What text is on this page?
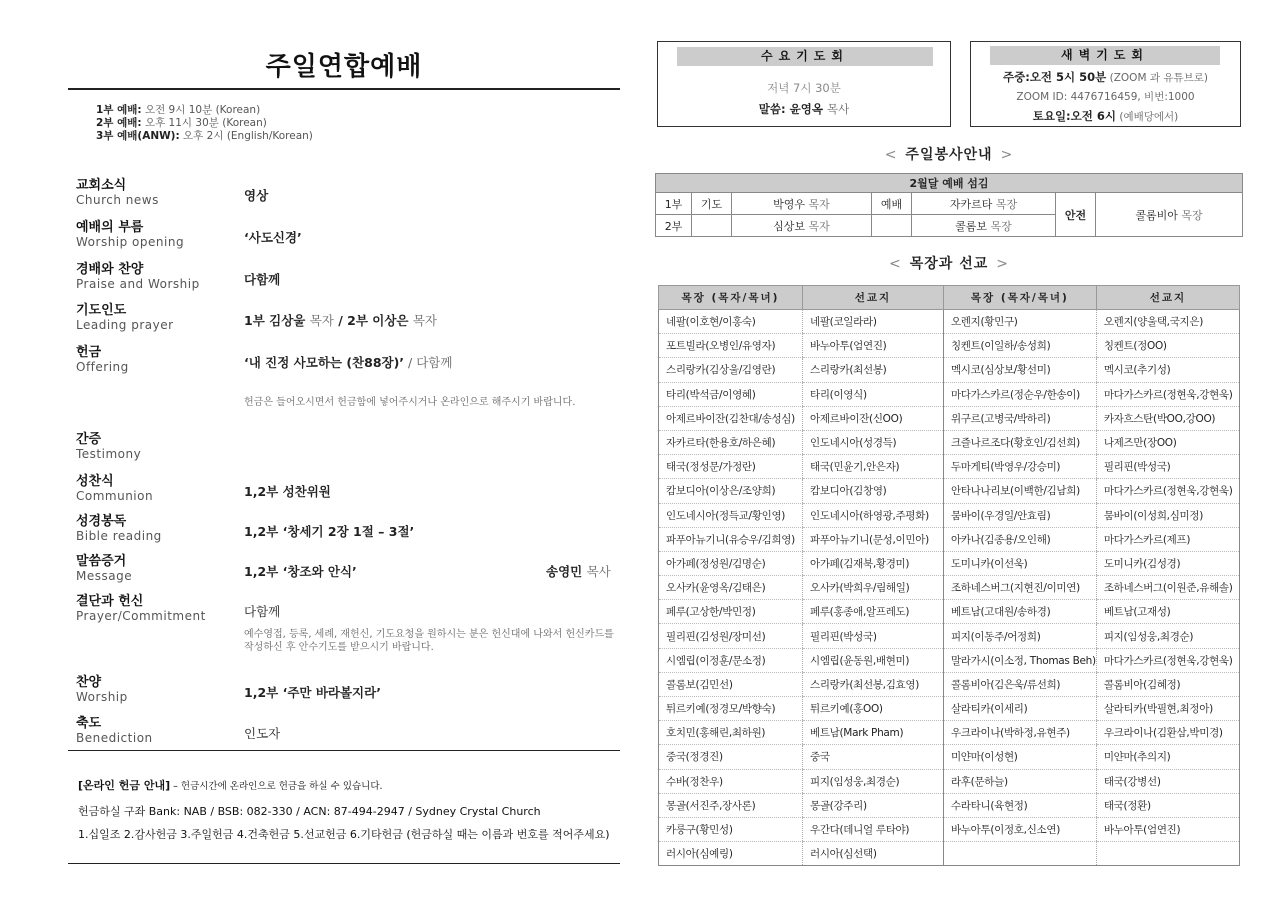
주일연합예배
1부 예배: 오전 9시 10분 (Korean)
2부 예배: 오후 11시 30분 (Korean)
3부 예배(ANW): 오후 2시 (English/Korean)
교회소식
Church news	영상
예배의 부름
Worship opening	‘사도신경’
경배와 찬양
Praise and Worship	다함께
기도인도
Leading prayer	1부 김상울 목자 / 2부 이상은 목자
헌금
Offering	‘내 진정 사모하는 (찬88장)’ / 다함께
헌금은 들어오시면서 헌금함에 넣어주시거나 온라인으로 해주시기 바랍니다.
간증
Testimony
성찬식
Communion	1,2부 성찬위원
성경봉독
Bible reading	1,2부 ‘창세기 2장 1절 – 3절’
말씀증거
Message	1,2부 ‘창조와 안식’	송영민 목사
결단과 헌신
Prayer/Commitment	다함께
예수영접, 등록, 세례, 재헌신, 기도요청을 원하시는 분은 헌신대에 나와서 헌신카드를 작성하신 후 안수기도를 받으시기 바랍니다.
찬양
Worship	1,2부 ‘주만 바라볼지라’
축도
Benediction	인도자
[온라인 헌금 안내] – 헌금시간에 온라인으로 헌금을 하실 수 있습니다.
헌금하실 구좌 Bank: NAB / BSB: 082-330 / ACN: 87-494-2947 / Sydney Crystal Church
1.십일조 2.감사헌금 3.주일헌금 4.건축헌금 5.선교헌금 6.기타헌금 (헌금하실 때는 이름과 번호를 적어주세요)
수요기도회
저녁 7시 30분
말씀: 윤영옥 목사
새벽기도회
주중:오전 5시 50분 (ZOOM 과 유튜브로)
ZOOM ID: 4476716459, 비번:1000
토요일:오전 6시 (예배당에서)
< 주일봉사안내 >
2월달 예배 섬김						
1부	기도	박영우 목자	예배	자카르타 목장	안전	콜롬비아 목장
2부		심상보 목자		콜롬보 목장		
< 목장과 선교 >
목장 (목자/목녀)	선교지	목장 (목자/목녀)	선교지
네팔(이호현/이홍숙)	네팔(코일라라)	오렌지(황민구)	오렌지(양울택,국지은)
포트빌라(오병인/유영자)	바누아투(엄연진)	칭켄트(이일하/송성희)	칭켄트(정OO)
스리랑카(김상울/김영란)	스리랑카(최선봉)	멕시코(심상보/황선미)	멕시코(추기성)
타리(박석금/이영혜)	타리(이영식)	마다가스카르(정순우/한송이)	마다가스카르(정현욱,강현욱)
아제르바이잔(김찬대/송성심)	아제르바이잔(신OO)	위구르(고병국/박하리)	카자흐스탄(박OO,강OO)
자카르타(한용호/하은혜)	인도네시아(성경득)	크즐나르조다(황호인/김선희)	나제즈만(장OO)
태국(정성문/가정란)	태국(민윤기,안은자)	두마게티(박영우/강승미)	필리핀(박성국)
캄보디아(이상은/조양희)	캄보디아(김창영)	안타나나리보(이백한/김남희)	마다가스카르(정현욱,강현욱)
인도네시아(정득교/황인영)	인도네시아(하영광,주평화)	뭄바이(우경일/안효림)	뭄바이(이성희,심미정)
파푸아뉴기니(유승우/김희영)	파푸아뉴기니(문성,이민아)	아카나(김종용/오인해)	마다가스카르(제프)
아가페(정성원/김명순)	아가페(김재북,황경미)	도미니카(이선욱)	도미니카(김성경)
오사카(윤영옥/김태은)	오사카(박희우/림해일)	조하네스버그(지현진/이미연)	조하네스버그(이원준,유해솔)
페루(고상한/박민정)	페루(홍종애,알프레도)	베트남(고대원/송하경)	베트남(고재성)
필리핀(김성원/장미선)	필리핀(박성국)	피지(이동주/어정희)	피지(임성웅,최경순)
시엠립(이정훈/문소정)	시엠립(윤동원,배현미)	말라가시(이소정, Thomas Beh)	마다가스카르(정현욱,강현욱)
콜롬보(김민선)	스리랑카(최선봉,김효영)	콜롬비아(김은욱/류선희)	콜롬비아(김혜정)
튀르키예(정경모/박향숙)	튀르키예(홍OO)	살라티카(이세리)	살라티카(박필현,최정아)
호치민(홍해린,최하원)	베트남(Mark Pham)	우크라이나(박하정,유현주)	우크라이나(김환삼,박미경)
중국(정경진)	중국	미얀마(이성현)	미얀마(추의지)
수바(정찬우)	피지(임성웅,최경순)	라후(문하늘)	태국(강병선)
몽골(서진주,장사론)	몽골(강주리)	수라타니(육현정)	태국(정환)
카룽구(황민성)	우간다(데니얼 루타야)	바누아투(이정호,신소연)	바누아투(엄연진)
러시아(심예링)	러시아(심선택)		
